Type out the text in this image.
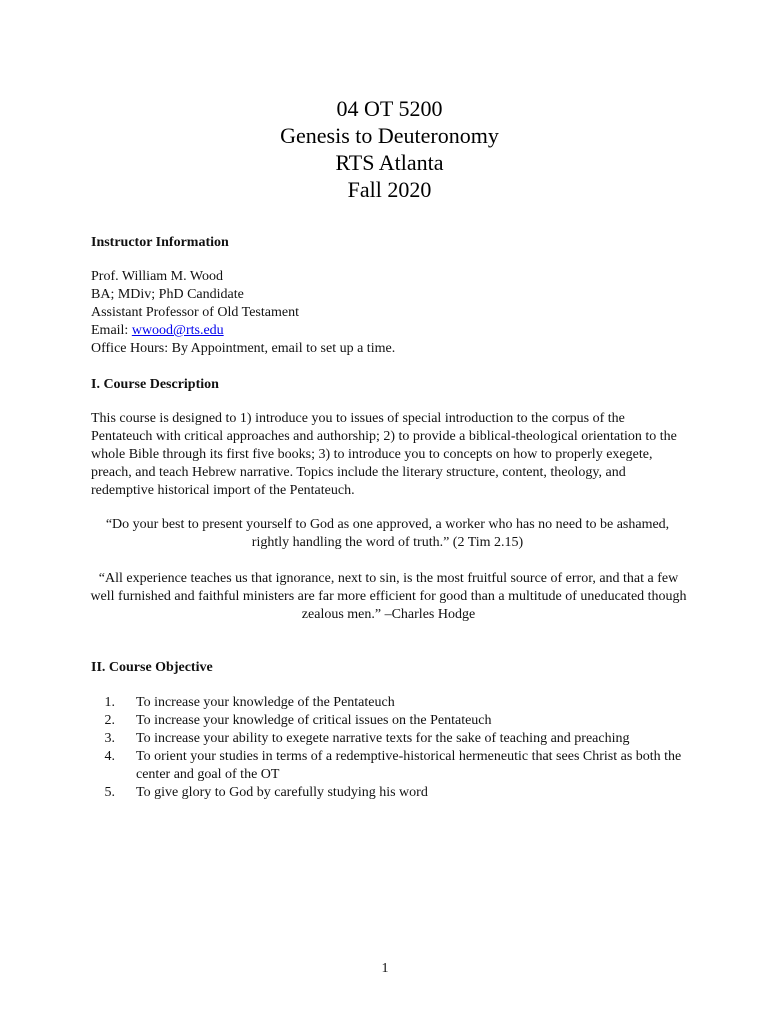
04 OT 5200
Genesis to Deuteronomy
RTS Atlanta
Fall 2020
Instructor Information
Prof. William M. Wood
BA; MDiv; PhD Candidate
Assistant Professor of Old Testament
Email: wwood@rts.edu
Office Hours: By Appointment, email to set up a time.
I. Course Description
This course is designed to 1) introduce you to issues of special introduction to the corpus of the Pentateuch with critical approaches and authorship; 2) to provide a biblical-theological orientation to the whole Bible through its first five books; 3) to introduce you to concepts on how to properly exegete, preach, and teach Hebrew narrative. Topics include the literary structure, content, theology, and redemptive historical import of the Pentateuch.
“Do your best to present yourself to God as one approved, a worker who has no need to be ashamed, rightly handling the word of truth.” (2 Tim 2.15)
“All experience teaches us that ignorance, next to sin, is the most fruitful source of error, and that a few well furnished and faithful ministers are far more efficient for good than a multitude of uneducated though zealous men.” –Charles Hodge
II. Course Objective
1.	To increase your knowledge of the Pentateuch
2.	To increase your knowledge of critical issues on the Pentateuch
3.	To increase your ability to exegete narrative texts for the sake of teaching and preaching
4.	To orient your studies in terms of a redemptive-historical hermeneutic that sees Christ as both the center and goal of the OT
5.	To give glory to God by carefully studying his word
1
